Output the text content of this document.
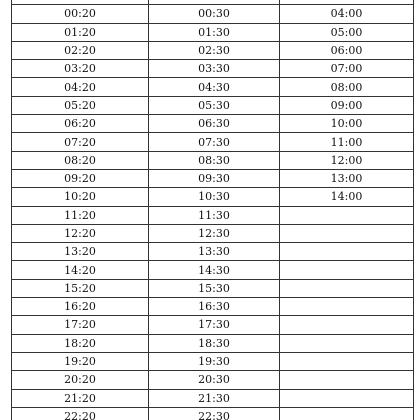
00:20	00:30	04:00
01:20	01:30	05:00
02:20	02:30	06:00
03:20	03:30	07:00
04:20	04:30	08:00
05:20	05:30	09:00
06:20	06:30	10:00
07:20	07:30	11:00
08:20	08:30	12:00
09:20	09:30	13:00
10:20	10:30	14:00
11:20	11:30	
12:20	12:30	
13:20	13:30	
14:20	14:30	
15:20	15:30	
16:20	16:30	
17:20	17:30	
18:20	18:30	
19:20	19:30	
20:20	20:30	
21:20	21:30	
22:20	22:30	
